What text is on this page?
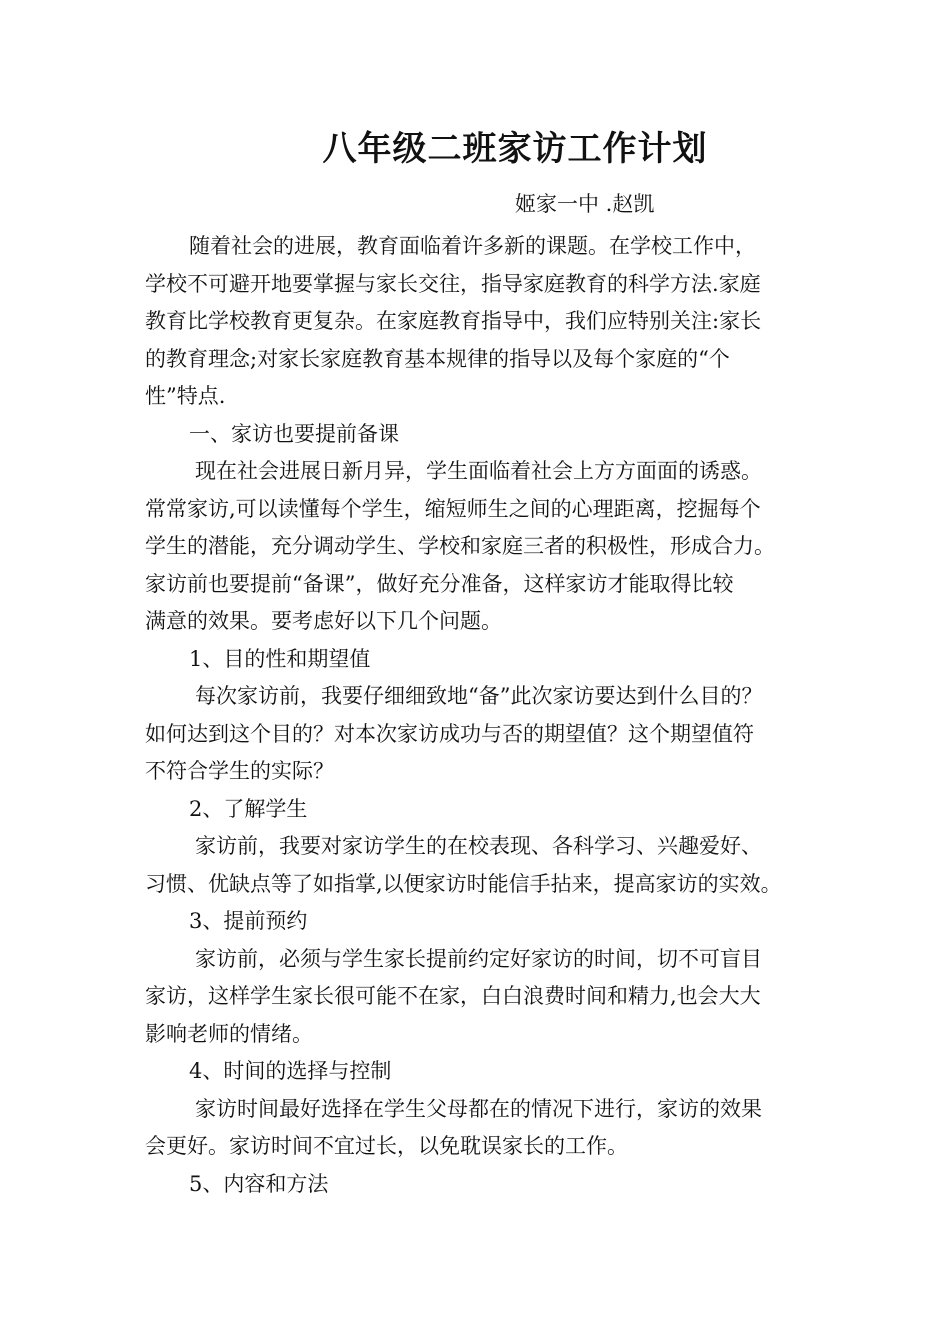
八年级二班家访工作计划
姬家一中 .赵凯
随着社会的进展，教育面临着许多新的课题。在学校工作中，
学校不可避开地要掌握与家长交往，指导家庭教育的科学方法.家庭
教育比学校教育更复杂。在家庭教育指导中，我们应特别关注:家长
的教育理念;对家长家庭教育基本规律的指导以及每个家庭的“个
性”特点.
一、家访也要提前备课
现在社会进展日新月异，学生面临着社会上方方面面的诱惑。
常常家访,可以读懂每个学生，缩短师生之间的心理距离，挖掘每个
学生的潜能，充分调动学生、学校和家庭三者的积极性，形成合力。
家访前也要提前“备课”，做好充分准备，这样家访才能取得比较
满意的效果。要考虑好以下几个问题。
1、目的性和期望值
每次家访前，我要仔细细致地“备”此次家访要达到什么目的？
如何达到这个目的？对本次家访成功与否的期望值？这个期望值符
不符合学生的实际？
2、了解学生
家访前，我要对家访学生的在校表现、各科学习、兴趣爱好、
习惯、优缺点等了如指掌,以便家访时能信手拈来，提高家访的实效。
3、提前预约
家访前，必须与学生家长提前约定好家访的时间，切不可盲目
家访，这样学生家长很可能不在家，白白浪费时间和精力,也会大大
影响老师的情绪。
4、时间的选择与控制
家访时间最好选择在学生父母都在的情况下进行，家访的效果
会更好。家访时间不宜过长，以免耽误家长的工作。
5、内容和方法
